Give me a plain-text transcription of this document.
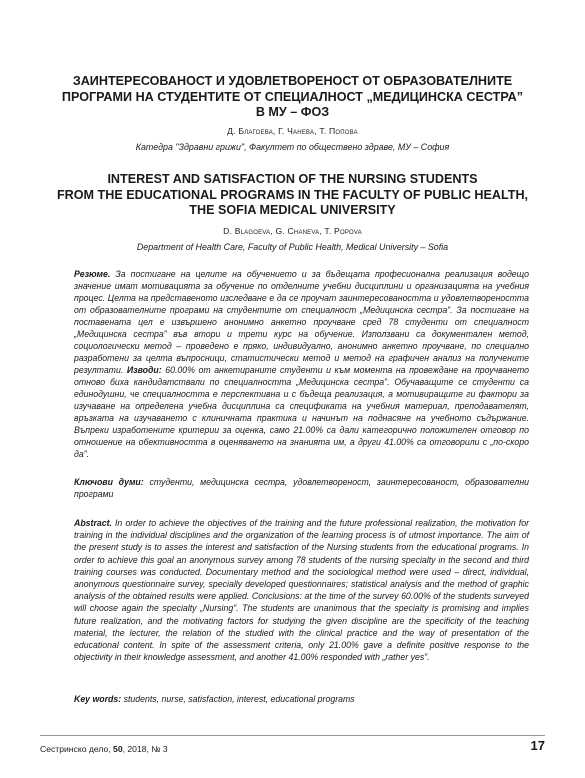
ЗАИНТЕРЕСОВАНОСТ И УДОВЛЕТВОРЕНОСТ ОТ ОБРАЗОВАТЕЛНИТЕ
ПРОГРАМИ НА СТУДЕНТИТЕ ОТ СПЕЦИАЛНОСТ „МЕДИЦИНСКА СЕСТРА”
В МУ – ФОЗ
Д. Благоева, Г. Чанева, Т. Попова
Катедра "Здравни грижи", Факултет по обществено здраве, МУ – София
INTEREST AND SATISFACTION OF THE NURSING STUDENTS
FROM THE EDUCATIONAL PROGRAMS IN THE FACULTY OF PUBLIC HEALTH,
THE SOFIA MEDICAL UNIVERSITY
D. Blagoeva, G. Chaneva, T. Popova
Department of Health Care, Faculty of Public Health, Medical University – Sofia

Резюме. За постигане на целите на обучението и за бъдещата професионална реализация водещо значение имат мотивацията за обучение по отделните учебни дисциплини и организацията на учебния процес. Целта на представеното изследване е да се проучат заинтересоваността и удовлетвореността от образователните програми на студентите от специалност „Медицинска сестра”. За постигане на поставената цел е извършено анонимно анкетно проучване сред 78 студенти от специалност „Медицинска сестра” във втори и трети курс на обучение. Използвани са документален метод, социологически метод – проведено е пряко, индивидуално, анонимно анкетно проучване, по специално разработени за целта въпросници, статистически метод и метод на графичен анализ на получените резултати. Изводи: 60.00% от анкетираните студенти и към момента на провеждане на проучването отново биха кандидатствали по специалността „Медицинска сестра”. Обучаващите се студенти са единодушни, че специалността е перспективна и с бъдеща реализация, а мотивиращите ги фактори за изучаване на определена учебна дисциплина са спецификата на учебния материал, преподавателят, връзката на изучаването с клиничната практика и начинът на поднасяне на учебното съдържание. Въпреки изработените критерии за оценка, само 21.00% са дали категорично положителен отговор по отношение на обективността в оценяването на знанията им, а други 41.00% са отговорили с „по-скоро да”.

Ключови думи: студенти, медицинска сестра, удовлетвореност, заинтересованост, образователни програми

Abstract. In order to achieve the objectives of the training and the future professional realization, the motivation for training in the individual disciplines and the organization of the learning process is of utmost importance. The aim of the present study is to asses the interest and satisfaction of the Nursing students from the educational programs. In order to achieve this goal an anonymous survey among 78 students of the nursing specialty in the second and third training courses was conducted. Documentary method and the sociological method were used – direct, individual, anonymous questionnaire survey, specially developed questionnaires; statistical analysis and the method of graphic analysis of the obtained results were applied. Conclusions: at the time of the survey 60.00% of the students surveyed will choose again the specialty „Nursing”. The students are unanimous that the specialty is promising and implies future realization, and the motivating factors for studying the given discipline are the specificity of the teaching material, the lecturer, the relation of the studied with the clinical practice and the way of presentation of the educational content. In spite of the assessment criteria, only 21.00% gave a definite positive response to the objectivity in their knowledge assessment, and another 41.00% responded with „rather yes”.

Key words: students, nurse, satisfaction, interest, educational programs

Сестринско дело, 50, 2018, № 3	17
